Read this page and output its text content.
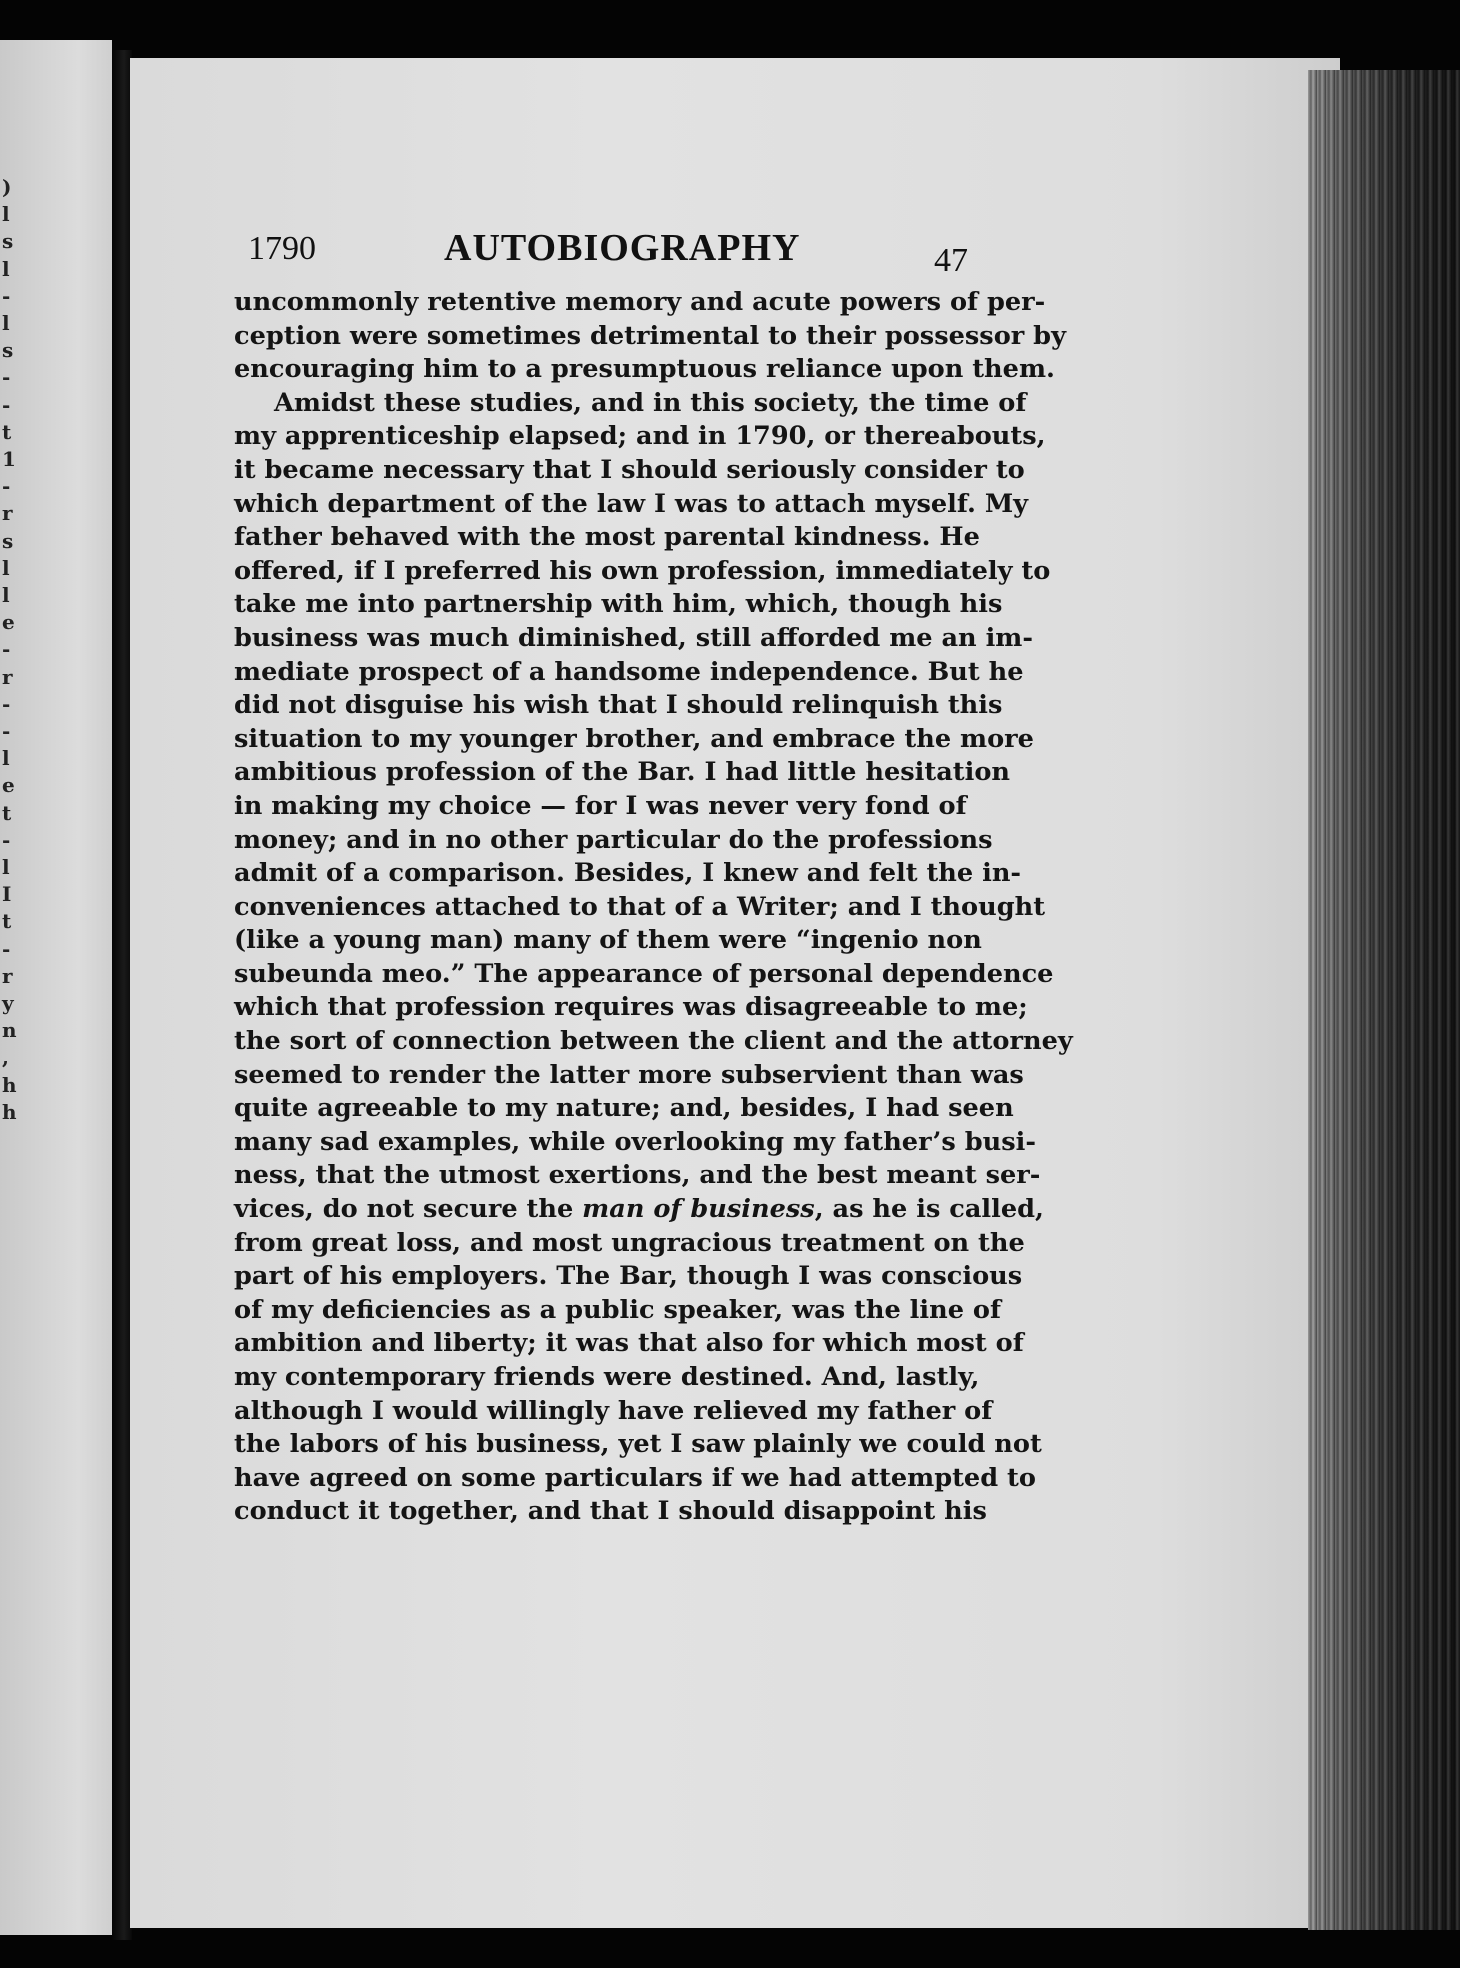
)
l
s
l
-
l
s
-
-
t
1
-
r
s
l
l
e
-
r
-
-
l
e
t
-
l
I
t
-
r
y
n
,
h
h
1790	AUTOBIOGRAPHY	47
uncommonly retentive memory and acute powers of per-
ception were sometimes detrimental to their possessor by
encouraging him to a presumptuous reliance upon them.
Amidst these studies, and in this society, the time of
my apprenticeship elapsed; and in 1790, or thereabouts,
it became necessary that I should seriously consider to
which department of the law I was to attach myself. My
father behaved with the most parental kindness. He
offered, if I preferred his own profession, immediately to
take me into partnership with him, which, though his
business was much diminished, still afforded me an im-
mediate prospect of a handsome independence. But he
did not disguise his wish that I should relinquish this
situation to my younger brother, and embrace the more
ambitious profession of the Bar. I had little hesitation
in making my choice — for I was never very fond of
money; and in no other particular do the professions
admit of a comparison. Besides, I knew and felt the in-
conveniences attached to that of a Writer; and I thought
(like a young man) many of them were “ingenio non
subeunda meo.” The appearance of personal dependence
which that profession requires was disagreeable to me;
the sort of connection between the client and the attorney
seemed to render the latter more subservient than was
quite agreeable to my nature; and, besides, I had seen
many sad examples, while overlooking my father’s busi-
ness, that the utmost exertions, and the best meant ser-
vices, do not secure the man of business, as he is called,
from great loss, and most ungracious treatment on the
part of his employers. The Bar, though I was conscious
of my deficiencies as a public speaker, was the line of
ambition and liberty; it was that also for which most of
my contemporary friends were destined. And, lastly,
although I would willingly have relieved my father of
the labors of his business, yet I saw plainly we could not
have agreed on some particulars if we had attempted to
conduct it together, and that I should disappoint his
